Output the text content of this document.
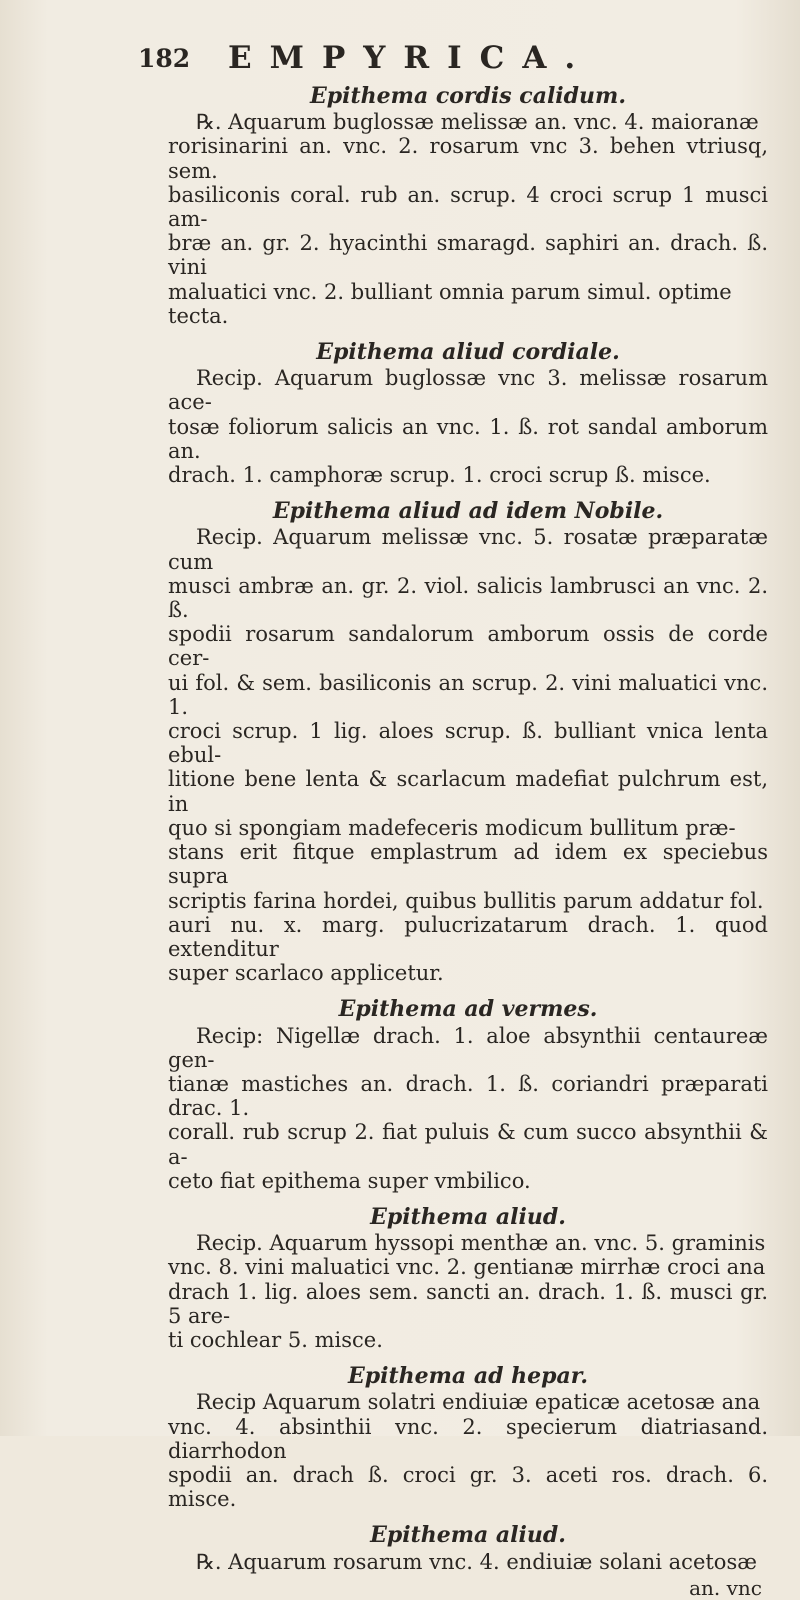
182	EMPYRICA.
Epithema cordis calidum.
℞. Aquarum buglossæ melissæ an. vnc. 4. maioranæ
rorisinarini an. vnc. 2. rosarum vnc 3. behen vtriusq, sem.
basiliconis coral. rub an. scrup. 4 croci scrup 1 musci am-
bræ an. gr. 2. hyacinthi smaragd. saphiri an. drach. ß. vini
maluatici vnc. 2. bulliant omnia parum simul. optime
tecta.
Epithema aliud cordiale.
Recip. Aquarum buglossæ vnc 3. melissæ rosarum ace-
tosæ foliorum salicis an vnc. 1. ß. rot sandal amborum an.
drach. 1. camphoræ scrup. 1. croci scrup ß. misce.
Epithema aliud ad idem Nobile.
Recip. Aquarum melissæ vnc. 5. rosatæ præparatæ cum
musci ambræ an. gr. 2. viol. salicis lambrusci an vnc. 2. ß.
spodii rosarum sandalorum amborum ossis de corde cer-
ui fol. & sem. basiliconis an scrup. 2. vini maluatici vnc. 1.
croci scrup. 1 lig. aloes scrup. ß. bulliant vnica lenta ebul-
litione bene lenta & scarlacum madefiat pulchrum est, in
quo si spongiam madefeceris modicum bullitum præ-
stans erit fitque emplastrum ad idem ex speciebus supra
scriptis farina hordei, quibus bullitis parum addatur fol.
auri nu. x. marg. pulucrizatarum drach. 1. quod extenditur
super scarlaco applicetur.
Epithema ad vermes.
Recip: Nigellæ drach. 1. aloe absynthii centaureæ gen-
tianæ mastiches an. drach. 1. ß. coriandri præparati drac. 1.
corall. rub scrup 2. fiat puluis & cum succo absynthii & a-
ceto fiat epithema super vmbilico.
Epithema aliud.
Recip. Aquarum hyssopi menthæ an. vnc. 5. graminis
vnc. 8. vini maluatici vnc. 2. gentianæ mirrhæ croci ana
drach 1. lig. aloes sem. sancti an. drach. 1. ß. musci gr. 5 are-
ti cochlear 5. misce.
Epithema ad hepar.
Recip Aquarum solatri endiuiæ epaticæ acetosæ ana
vnc. 4. absinthii vnc. 2. specierum diatriasand. diarrhodon
spodii an. drach ß. croci gr. 3. aceti ros. drach. 6. misce.
Epithema aliud.
℞. Aquarum rosarum vnc. 4. endiuiæ solani acetosæ
an. vnc
